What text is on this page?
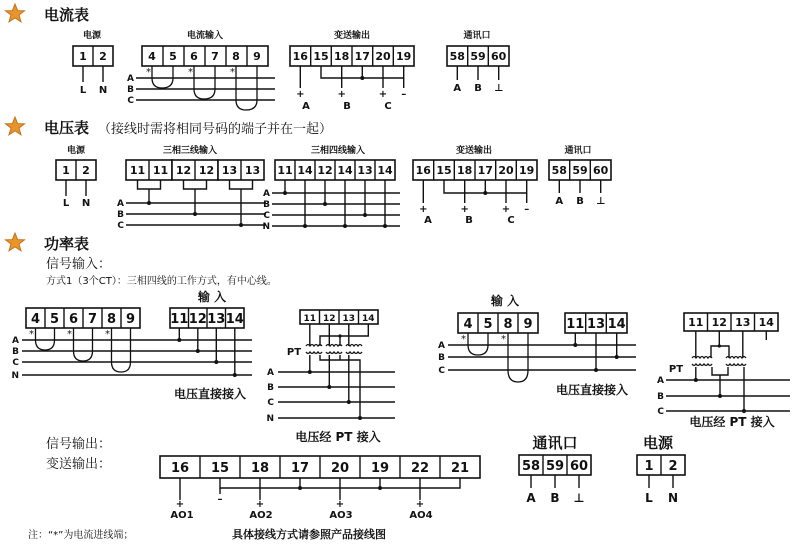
电流表
电源
1 2
L N
电流输入
4 5 6 7 8 9
A
B
C
*	*	*
变送输出
16 15 18 17 20 19
+	+	+ –
A	B	C
通讯口
58 59 60
A B ⊥
电压表 （接线时需将相同号码的端子并在一起）
电源
1 2
L N
三相三线输入
11 11 12 12 13 13
A
B
C
三相四线输入
11 14 12 14 13 14
A
B
C
N
变送输出
16 15 18 17 20 19
+	+	+ –
A	B	C
通讯口
58 59 60
A B ⊥
功率表
信号输入：
方式1（3个CT）：三相四线的工作方式，有中心线。
输 入
4 5 6 7 8 9	11 12 13 14
A
B
C
N
*	*	*
电压直接接入
11 12 13 14
PT
A
B
C
N
电压经 PT 接入
输 入
4 5 8 9	11 13 14
A
B
C
*	*
电压直接接入
11 12 13 14
PT
A
B
C
电压经 PT 接入
信号输出：
变送输出：	16 15 18 17 20 19 22 21
+	–	+	+	+
AO1	AO2	AO3	AO4
通讯口
58 59 60
A B ⊥
电源
1 2
L N
注：“*”为电流进线端；	具体接线方式请参照产品接线图
